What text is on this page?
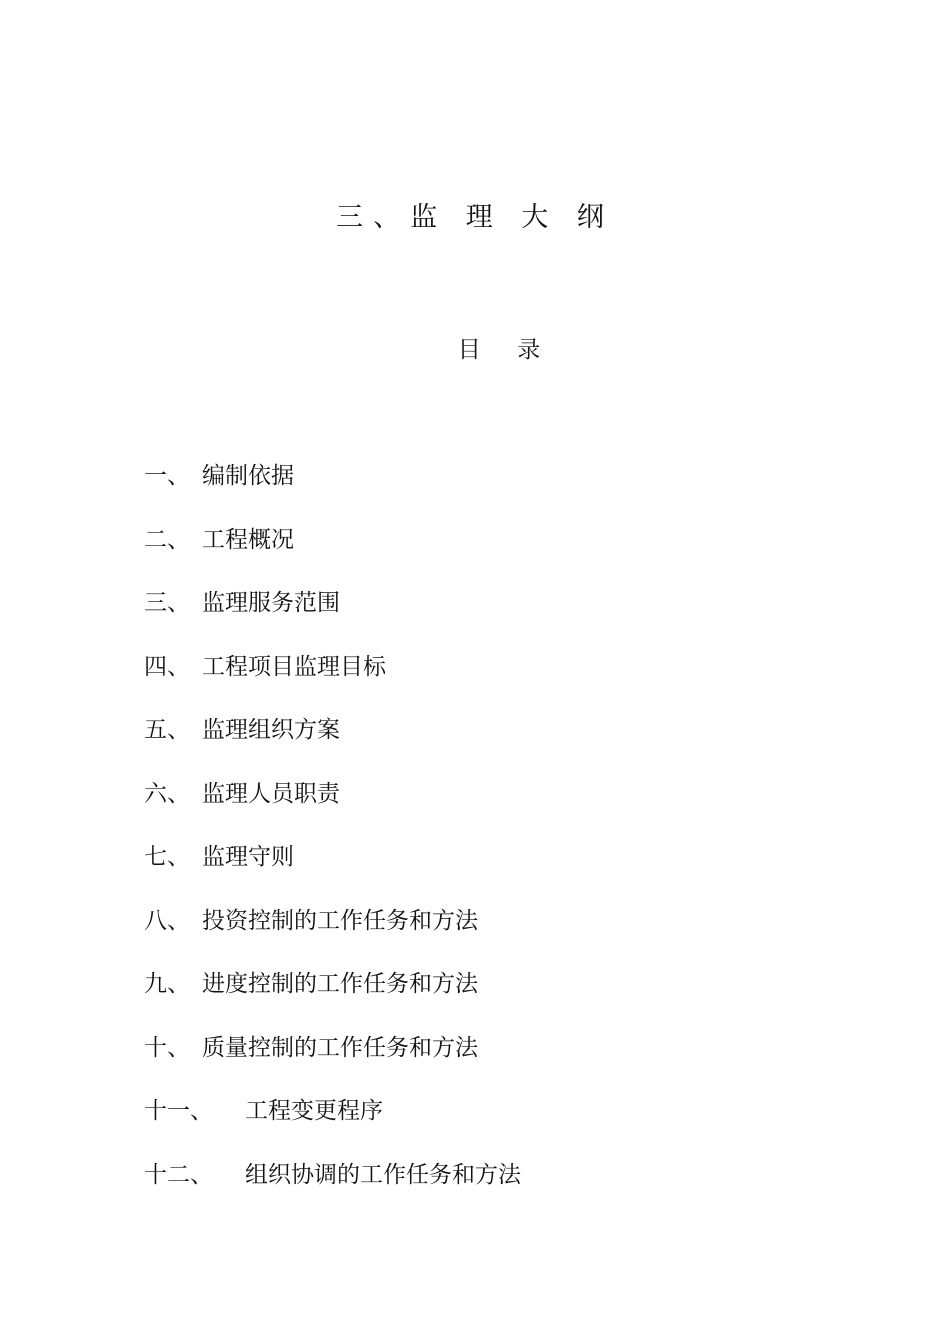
三、监 理 大 纲
目     录
一、 编制依据
二、 工程概况
三、 监理服务范围
四、 工程项目监理目标
五、 监理组织方案
六、 监理人员职责
七、 监理守则
八、 投资控制的工作任务和方法
九、 进度控制的工作任务和方法
十、 质量控制的工作任务和方法
十一、	工程变更程序
十二、	组织协调的工作任务和方法
